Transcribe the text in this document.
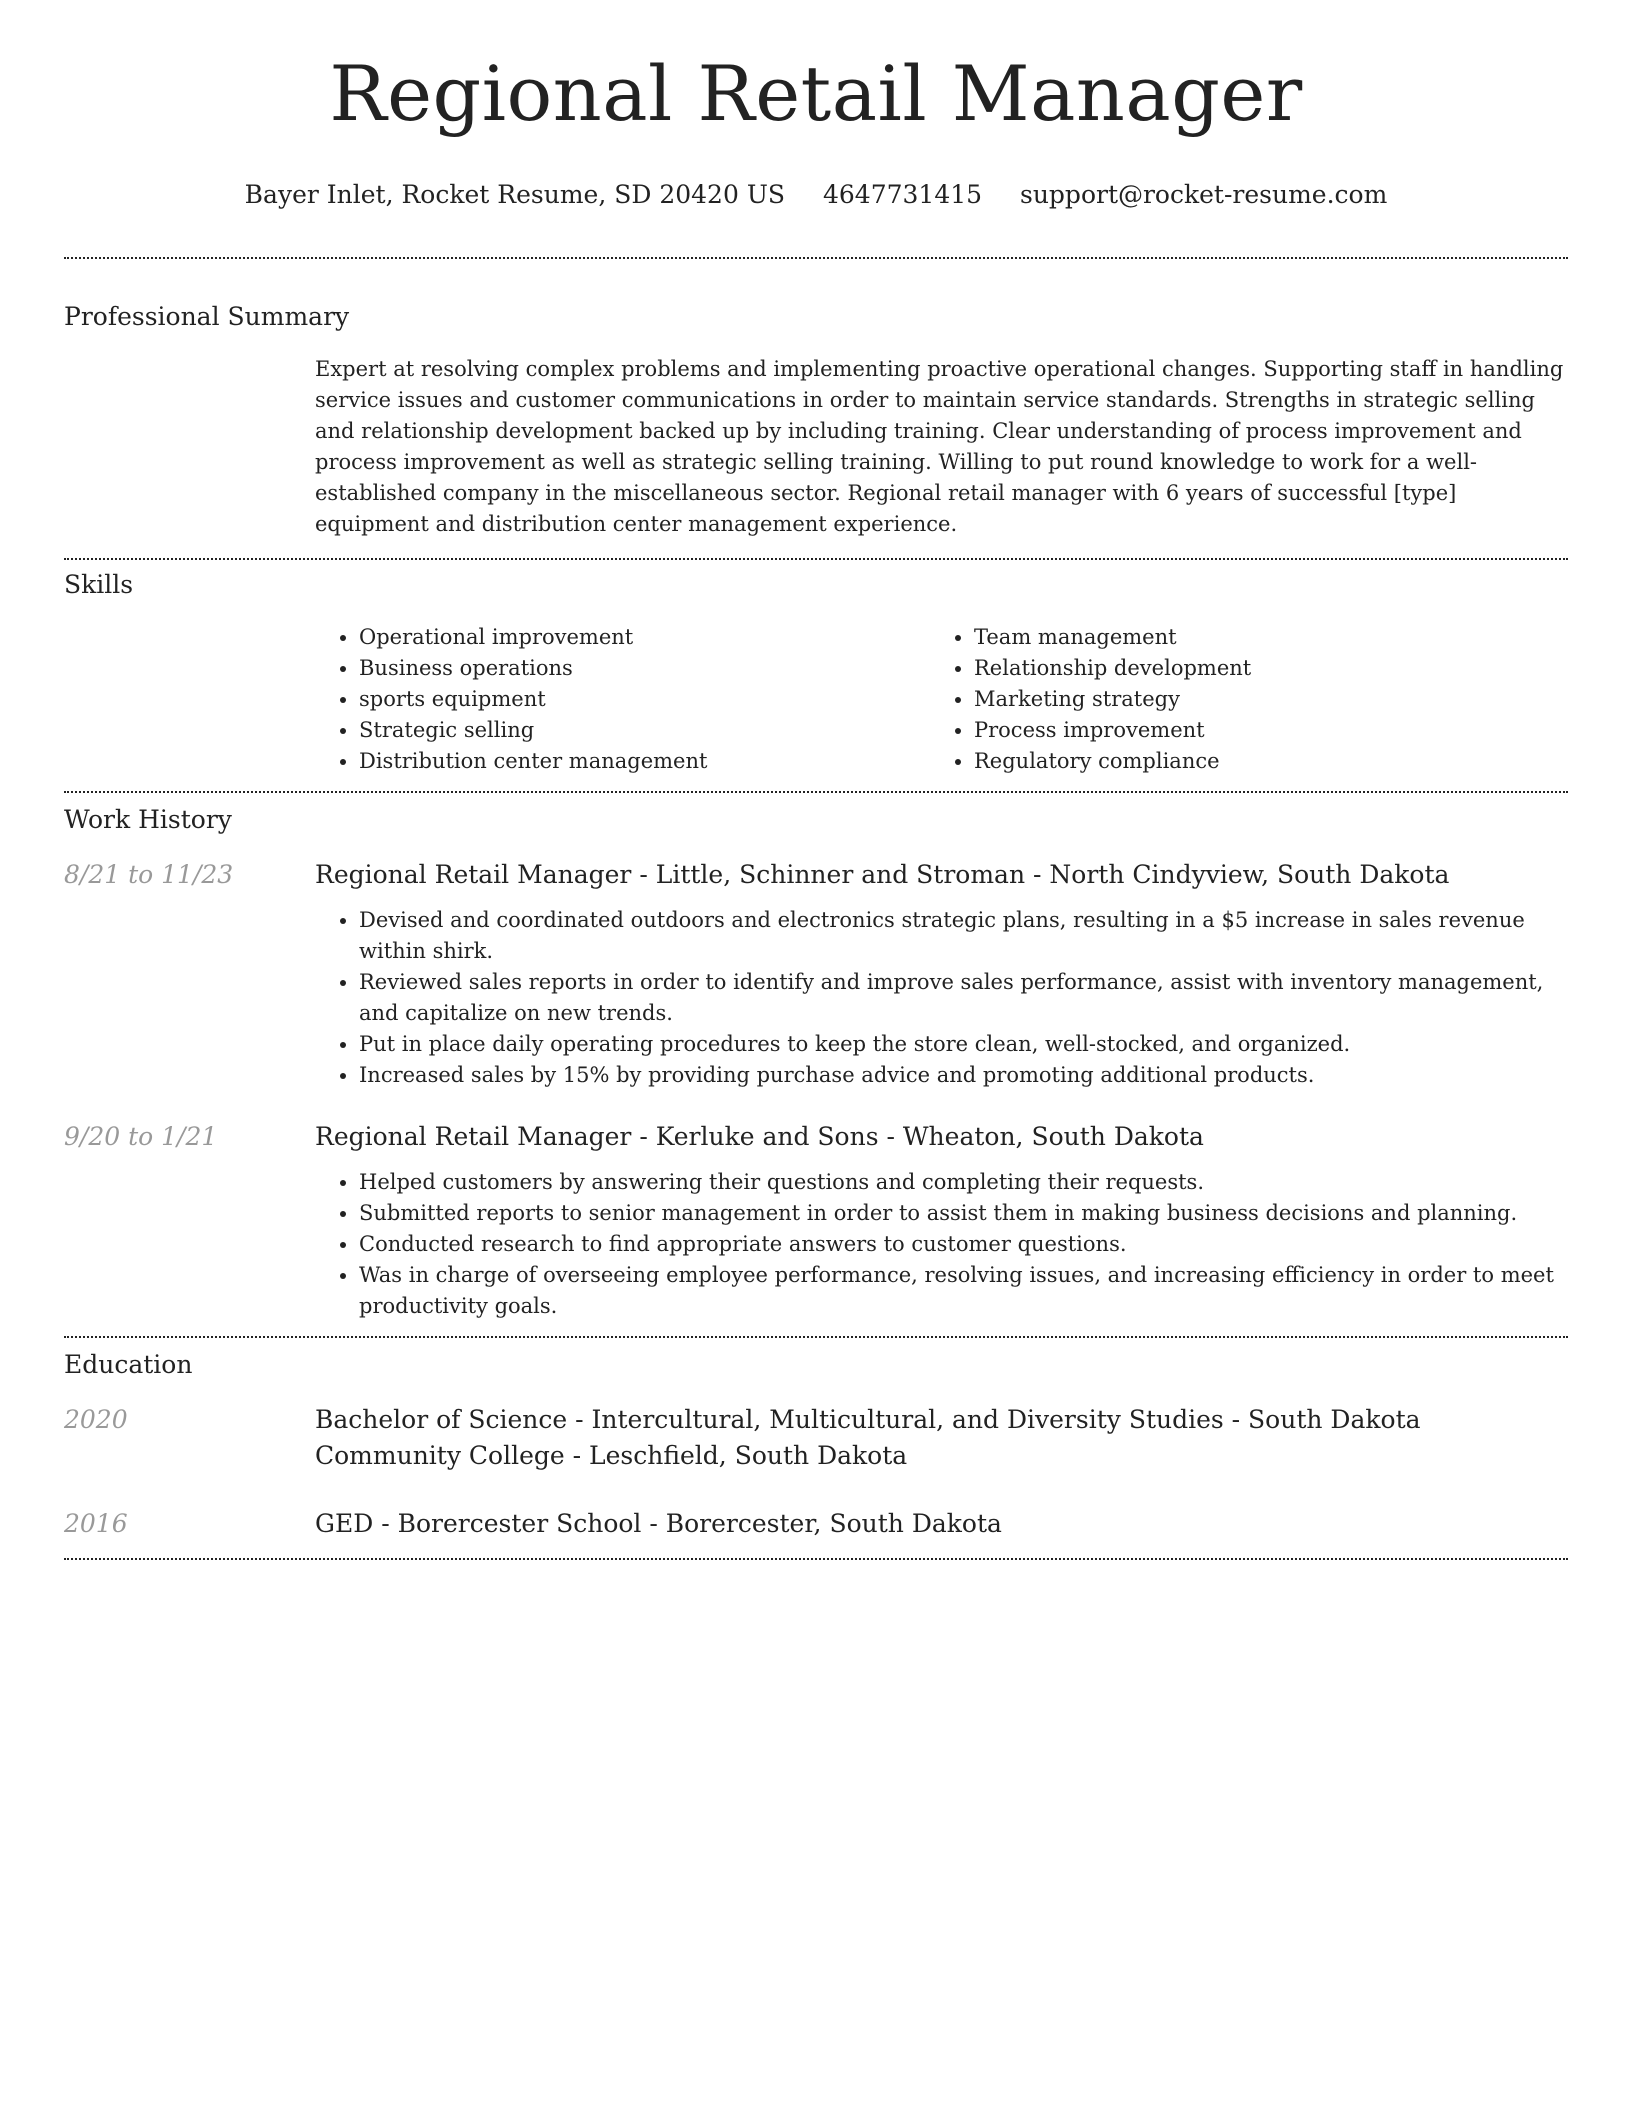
Regional Retail Manager
Bayer Inlet, Rocket Resume, SD 20420 US 4647731415 support@rocket-resume.com
Professional Summary
Expert at resolving complex problems and implementing proactive operational changes. Supporting staff in handling service issues and customer communications in order to maintain service standards. Strengths in strategic selling and relationship development backed up by including training. Clear understanding of process improvement and process improvement as well as strategic selling training. Willing to put round knowledge to work for a well-established company in the miscellaneous sector. Regional retail manager with 6 years of successful [type] equipment and distribution center management experience.
Skills
• Operational improvement
• Business operations
• sports equipment
• Strategic selling
• Distribution center management
• Team management
• Relationship development
• Marketing strategy
• Process improvement
• Regulatory compliance
Work History
8/21 to 11/23	Regional Retail Manager - Little, Schinner and Stroman - North Cindyview, South Dakota
• Devised and coordinated outdoors and electronics strategic plans, resulting in a $5 increase in sales revenue within shirk.
• Reviewed sales reports in order to identify and improve sales performance, assist with inventory management, and capitalize on new trends.
• Put in place daily operating procedures to keep the store clean, well-stocked, and organized.
• Increased sales by 15% by providing purchase advice and promoting additional products.
9/20 to 1/21	Regional Retail Manager - Kerluke and Sons - Wheaton, South Dakota
• Helped customers by answering their questions and completing their requests.
• Submitted reports to senior management in order to assist them in making business decisions and planning.
• Conducted research to find appropriate answers to customer questions.
• Was in charge of overseeing employee performance, resolving issues, and increasing efficiency in order to meet productivity goals.
Education
2020	Bachelor of Science - Intercultural, Multicultural, and Diversity Studies - South Dakota Community College - Leschfield, South Dakota
2016	GED - Borercester School - Borercester, South Dakota
